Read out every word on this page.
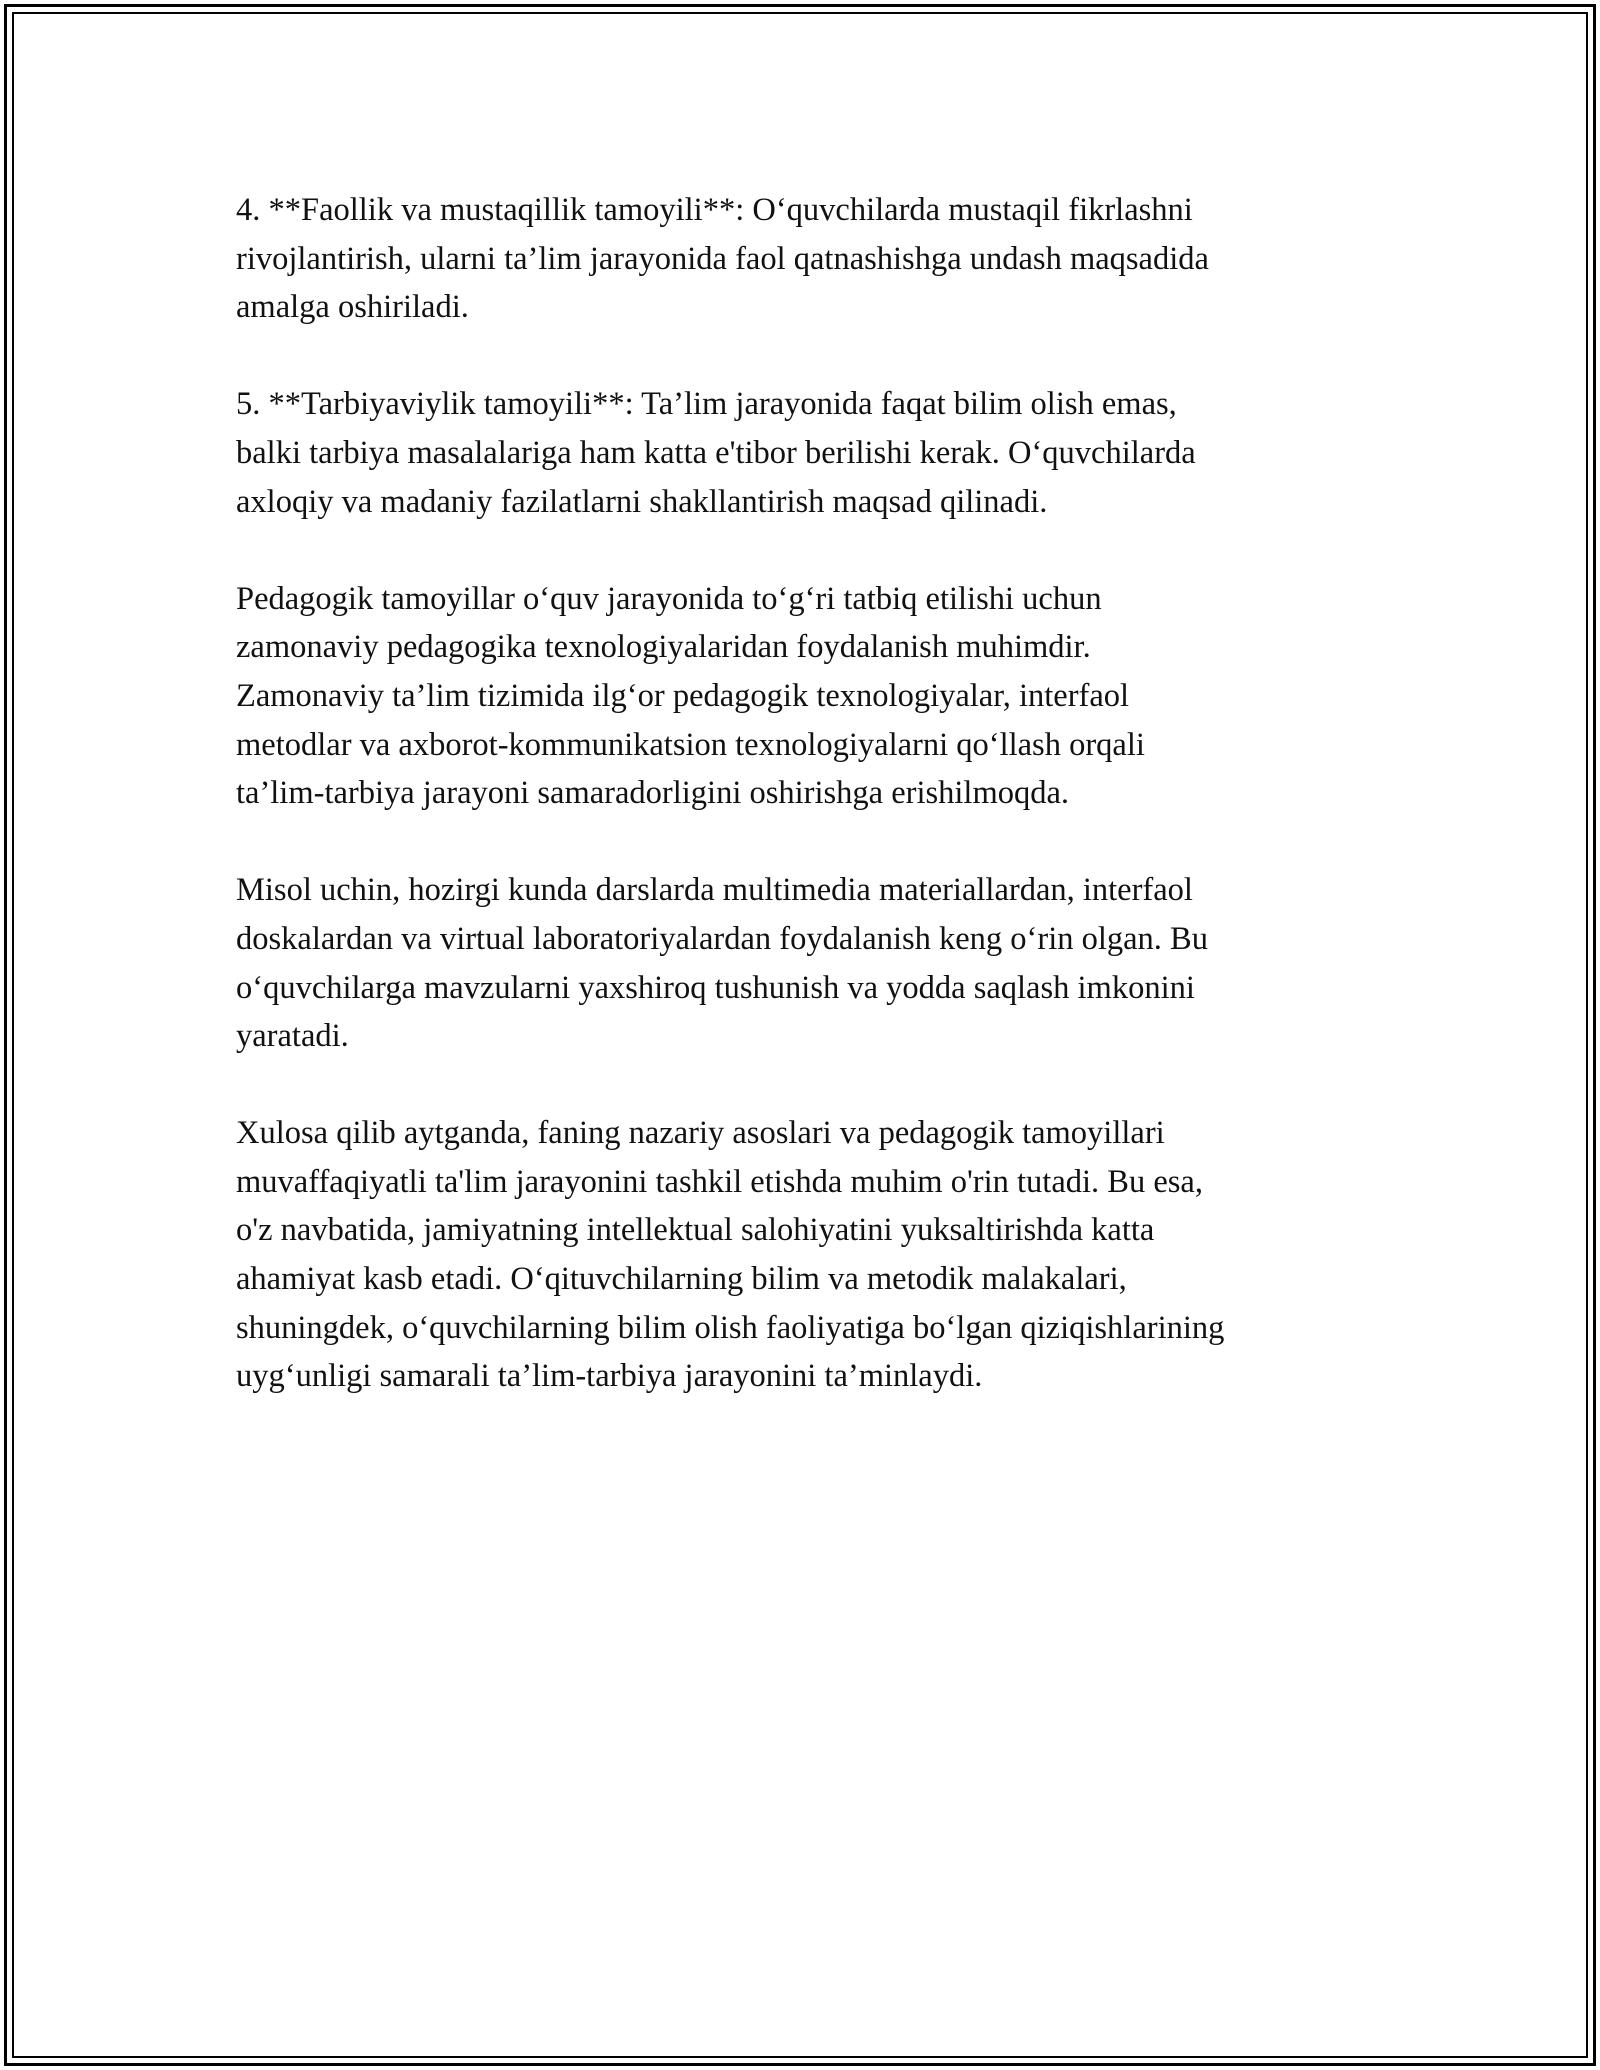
4. **Faollik va mustaqillik tamoyili**: O‘quvchilarda mustaqil fikrlashni
rivojlantirish, ularni ta’lim jarayonida faol qatnashishga undash maqsadida
amalga oshiriladi.

5. **Tarbiyaviylik tamoyili**: Ta’lim jarayonida faqat bilim olish emas,
balki tarbiya masalalariga ham katta e'tibor berilishi kerak. O‘quvchilarda
axloqiy va madaniy fazilatlarni shakllantirish maqsad qilinadi.

Pedagogik tamoyillar o‘quv jarayonida to‘g‘ri tatbiq etilishi uchun
zamonaviy pedagogika texnologiyalaridan foydalanish muhimdir.
Zamonaviy ta’lim tizimida ilg‘or pedagogik texnologiyalar, interfaol
metodlar va axborot-kommunikatsion texnologiyalarni qo‘llash orqali
ta’lim-tarbiya jarayoni samaradorligini oshirishga erishilmoqda.

Misol uchin, hozirgi kunda darslarda multimedia materiallardan, interfaol
doskalardan va virtual laboratoriyalardan foydalanish keng o‘rin olgan. Bu
o‘quvchilarga mavzularni yaxshiroq tushunish va yodda saqlash imkonini
yaratadi.

Xulosa qilib aytganda, faning nazariy asoslari va pedagogik tamoyillari
muvaffaqiyatli ta'lim jarayonini tashkil etishda muhim o'rin tutadi. Bu esa,
o'z navbatida, jamiyatning intellektual salohiyatini yuksaltirishda katta
ahamiyat kasb etadi. O‘qituvchilarning bilim va metodik malakalari,
shuningdek, o‘quvchilarning bilim olish faoliyatiga bo‘lgan qiziqishlarining
uyg‘unligi samarali ta’lim-tarbiya jarayonini ta’minlaydi.
